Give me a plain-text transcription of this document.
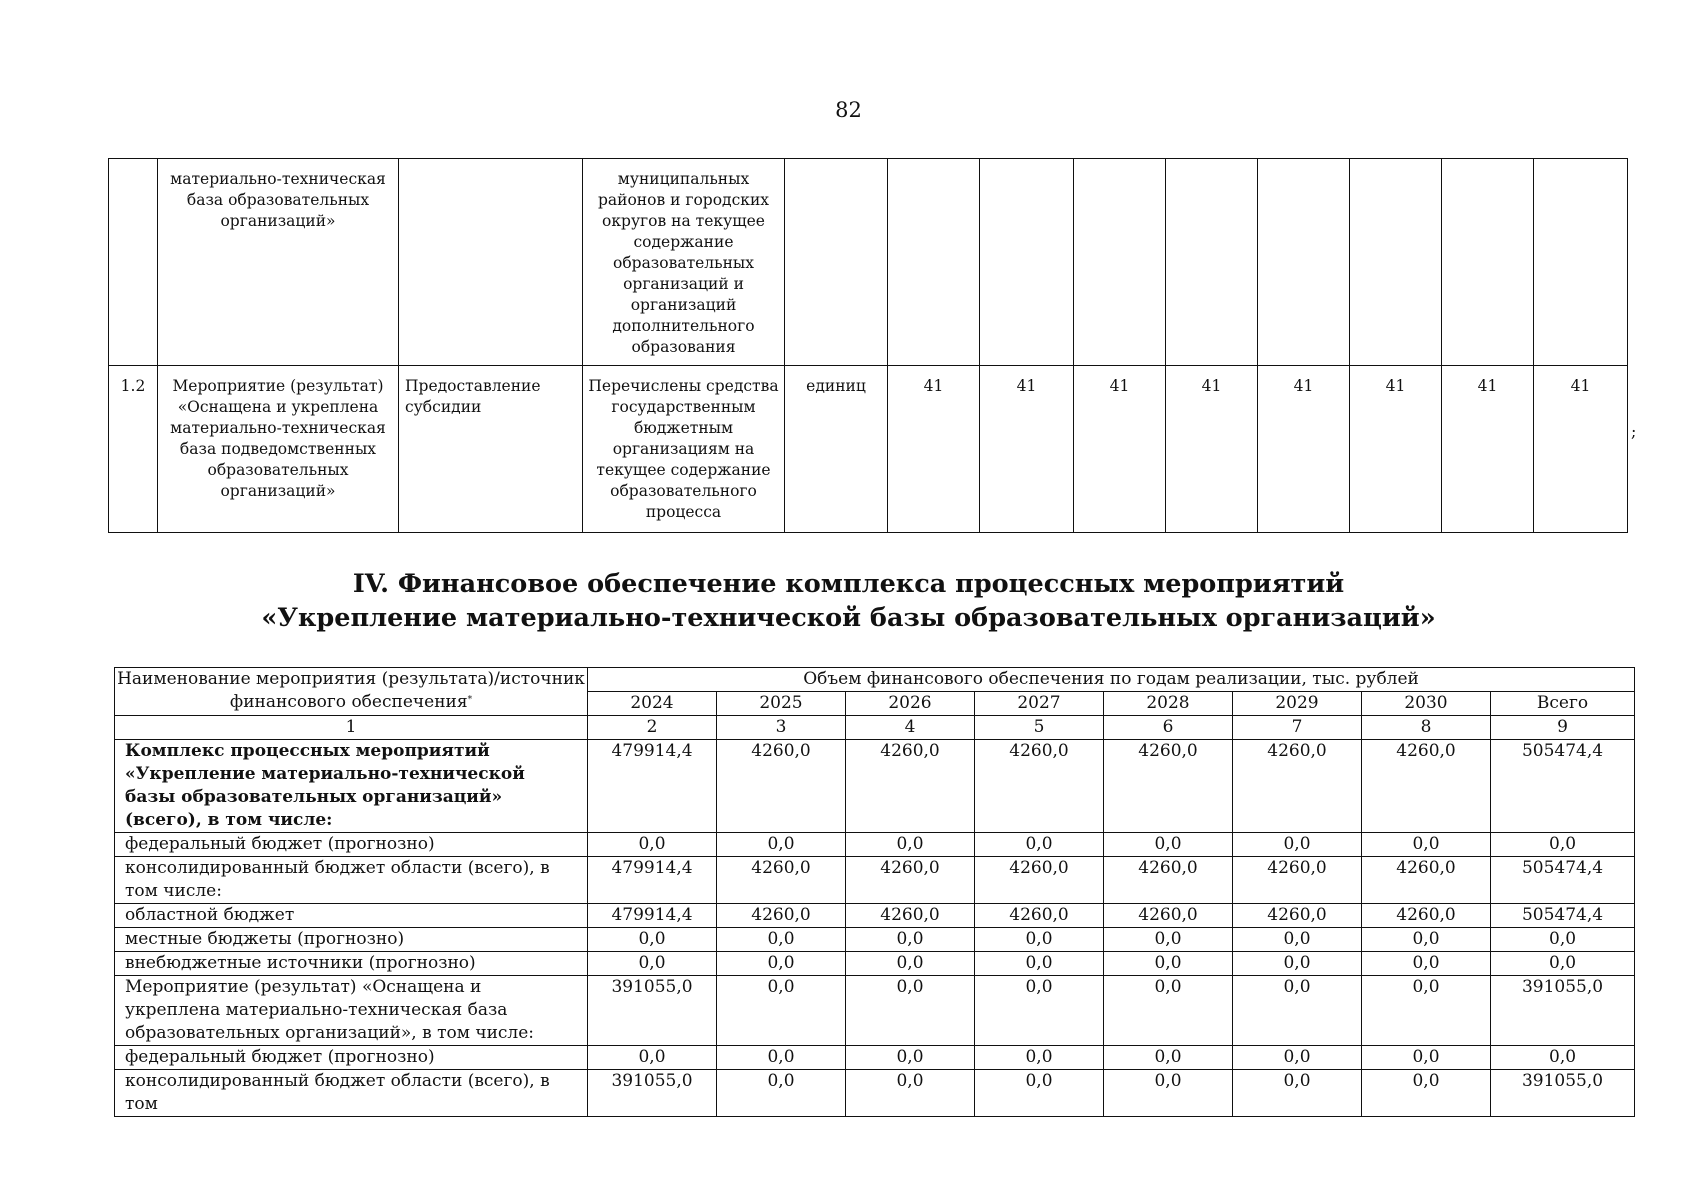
82
	материально-техническая база образовательных организаций»		муниципальных районов и городских округов на текущее содержание образовательных организаций и организаций дополнительного образования									
1.2	Мероприятие (результат) «Оснащена и укреплена материально-техническая база подведомственных образовательных организаций»	Предоставление субсидии	Перечислены средства государственным бюджетным организациям на текущее содержание образовательного процесса	единиц	41	41	41	41	41	41	41	41
;
IV. Финансовое обеспечение комплекса процессных мероприятий
«Укрепление материально-технической базы образовательных организаций»
Наименование мероприятия (результата)/источник финансового обеспечения*	Объем финансового обеспечения по годам реализации, тыс. рублей							
	2024	2025	2026	2027	2028	2029	2030	Всего
1	2	3	4	5	6	7	8	9
Комплекс процессных мероприятий «Укрепление материально-технической базы образовательных организаций» (всего), в том числе:	479914,4	4260,0	4260,0	4260,0	4260,0	4260,0	4260,0	505474,4
федеральный бюджет (прогнозно)	0,0	0,0	0,0	0,0	0,0	0,0	0,0	0,0
консолидированный бюджет области (всего), в том числе:	479914,4	4260,0	4260,0	4260,0	4260,0	4260,0	4260,0	505474,4
областной бюджет	479914,4	4260,0	4260,0	4260,0	4260,0	4260,0	4260,0	505474,4
местные бюджеты (прогнозно)	0,0	0,0	0,0	0,0	0,0	0,0	0,0	0,0
внебюджетные источники (прогнозно)	0,0	0,0	0,0	0,0	0,0	0,0	0,0	0,0
Мероприятие (результат) «Оснащена и укреплена материально-техническая база образовательных организаций», в том числе:	391055,0	0,0	0,0	0,0	0,0	0,0	0,0	391055,0
федеральный бюджет (прогнозно)	0,0	0,0	0,0	0,0	0,0	0,0	0,0	0,0
консолидированный бюджет области (всего), в том	391055,0	0,0	0,0	0,0	0,0	0,0	0,0	391055,0
